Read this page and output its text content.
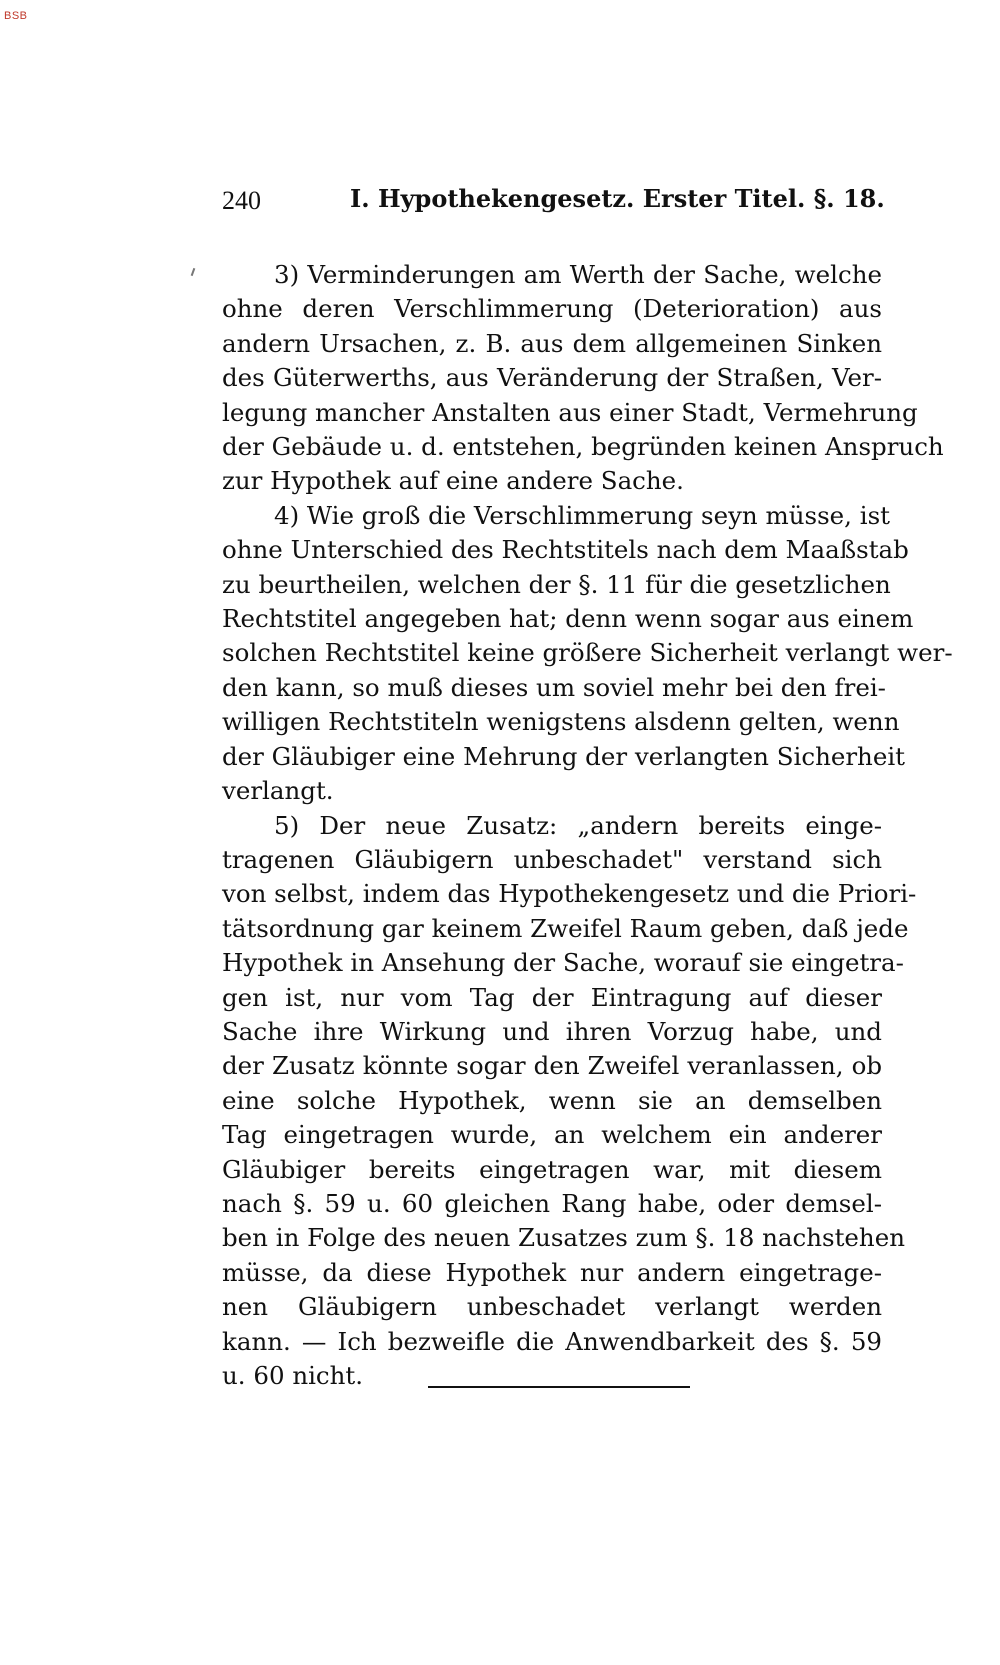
BSB
240	I. Hypothekengesetz. Erster Titel. §. 18.

3) Verminderungen am Werth der Sache, welche
ohne deren Verschlimmerung (Deterioration) aus
andern Ursachen, z. B. aus dem allgemeinen Sinken
des Güterwerths, aus Veränderung der Straßen, Ver-
legung mancher Anstalten aus einer Stadt, Vermehrung
der Gebäude u. d. entstehen, begründen keinen Anspruch
zur Hypothek auf eine andere Sache.

4) Wie groß die Verschlimmerung seyn müsse, ist
ohne Unterschied des Rechtstitels nach dem Maaßstab
zu beurtheilen, welchen der §. 11 für die gesetzlichen
Rechtstitel angegeben hat; denn wenn sogar aus einem
solchen Rechtstitel keine größere Sicherheit verlangt wer-
den kann, so muß dieses um soviel mehr bei den frei-
willigen Rechtstiteln wenigstens alsdenn gelten, wenn
der Gläubiger eine Mehrung der verlangten Sicherheit
verlangt.

5) Der neue Zusatz: „andern bereits einge-
tragenen Gläubigern unbeschadet" verstand sich
von selbst, indem das Hypothekengesetz und die Priori-
tätsordnung gar keinem Zweifel Raum geben, daß jede
Hypothek in Ansehung der Sache, worauf sie eingetra-
gen ist, nur vom Tag der Eintragung auf dieser
Sache ihre Wirkung und ihren Vorzug habe, und
der Zusatz könnte sogar den Zweifel veranlassen, ob
eine solche Hypothek, wenn sie an demselben
Tag eingetragen wurde, an welchem ein anderer
Gläubiger bereits eingetragen war, mit diesem
nach §. 59 u. 60 gleichen Rang habe, oder demsel-
ben in Folge des neuen Zusatzes zum §. 18 nachstehen
müsse, da diese Hypothek nur andern eingetrage-
nen Gläubigern unbeschadet verlangt werden
kann. — Ich bezweifle die Anwendbarkeit des §. 59
u. 60 nicht.
